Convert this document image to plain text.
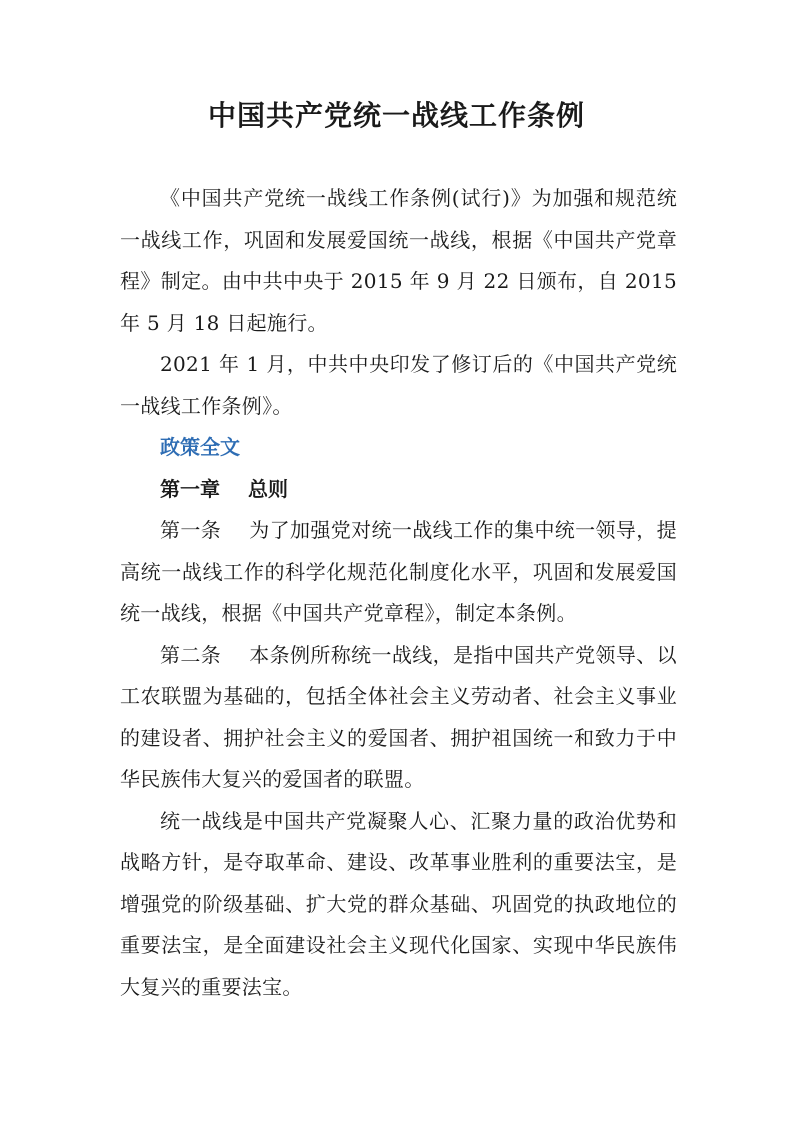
中国共产党统一战线工作条例

《中国共产党统一战线工作条例(试行)》为加强和规范统一战线工作，巩固和发展爱国统一战线，根据《中国共产党章程》制定。由中共中央于 2015 年 9 月 22 日颁布，自 2015 年 5 月 18 日起施行。

2021 年 1 月，中共中央印发了修订后的《中国共产党统一战线工作条例》。

政策全文

第一章 总则

第一条 为了加强党对统一战线工作的集中统一领导，提高统一战线工作的科学化规范化制度化水平，巩固和发展爱国统一战线，根据《中国共产党章程》，制定本条例。

第二条 本条例所称统一战线，是指中国共产党领导、以工农联盟为基础的，包括全体社会主义劳动者、社会主义事业的建设者、拥护社会主义的爱国者、拥护祖国统一和致力于中华民族伟大复兴的爱国者的联盟。

统一战线是中国共产党凝聚人心、汇聚力量的政治优势和战略方针，是夺取革命、建设、改革事业胜利的重要法宝，是增强党的阶级基础、扩大党的群众基础、巩固党的执政地位的重要法宝，是全面建设社会主义现代化国家、实现中华民族伟大复兴的重要法宝。
